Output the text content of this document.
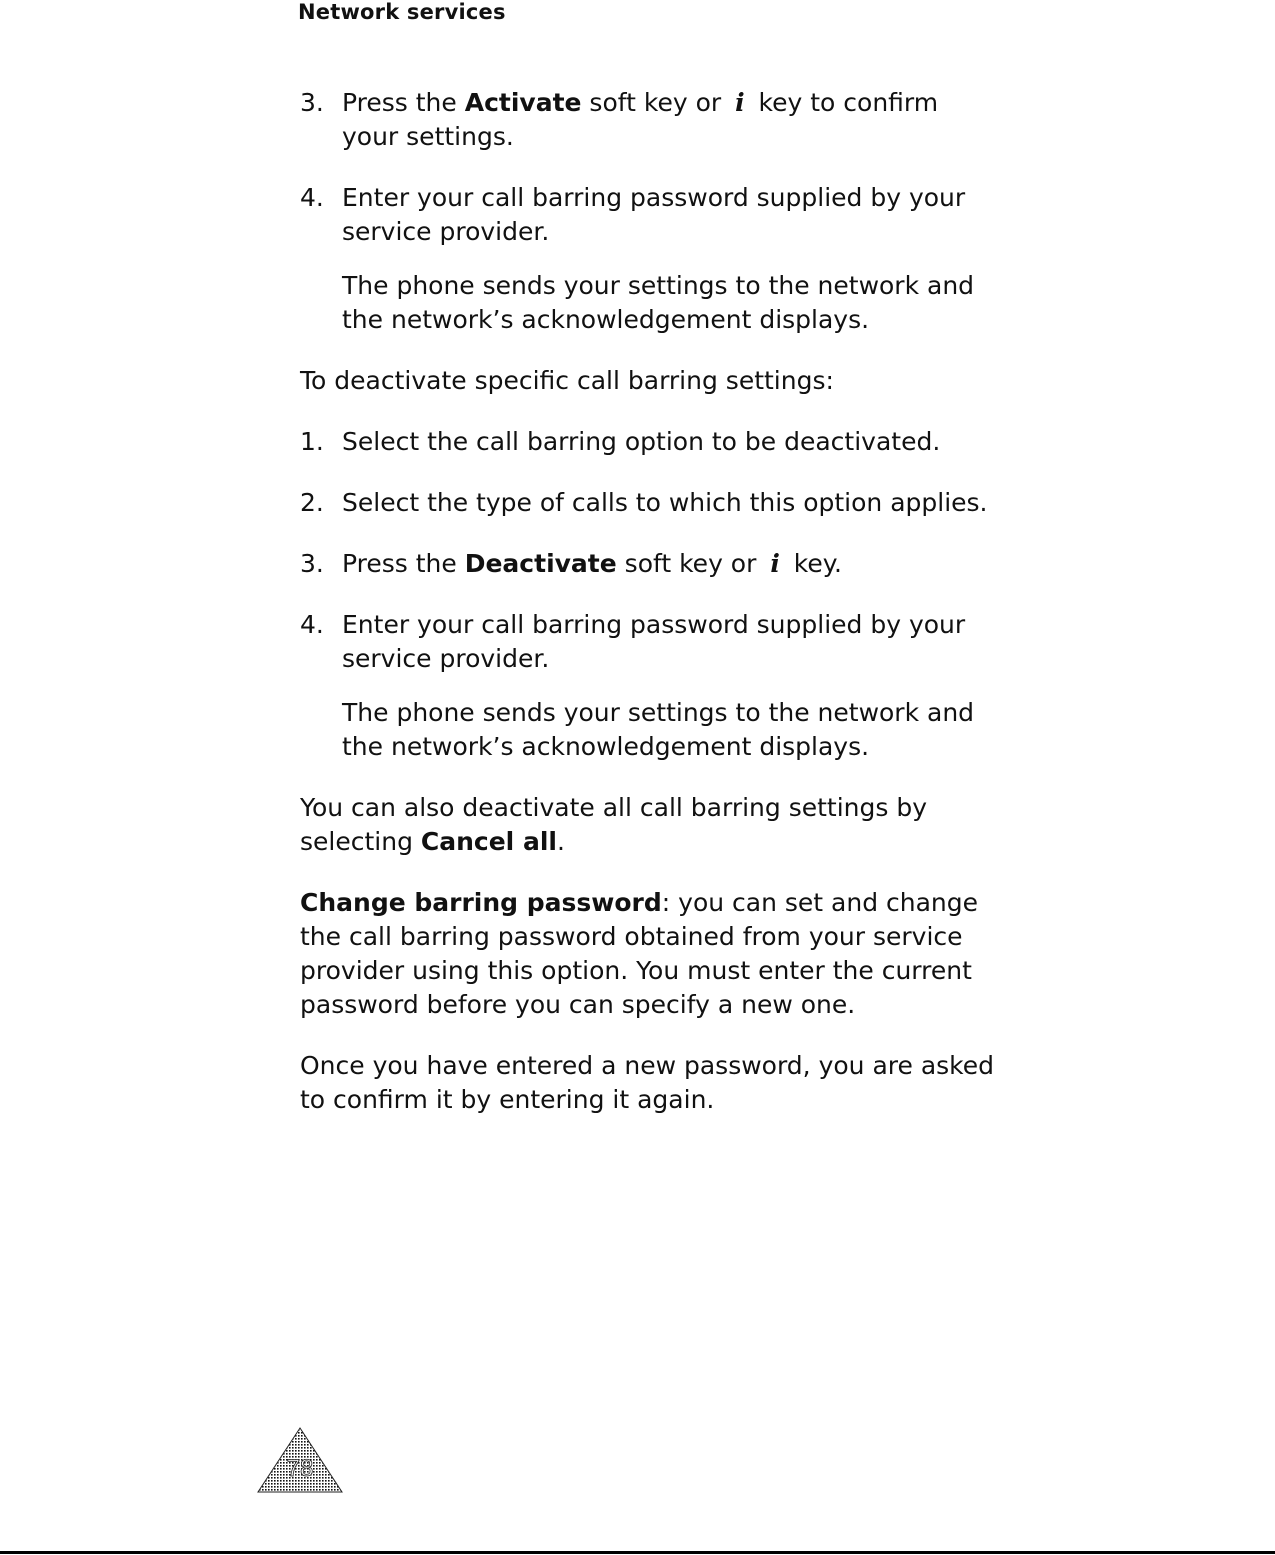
Network services
3. Press the Activate soft key or i key to confirm your settings.
4. Enter your call barring password supplied by your service provider.
The phone sends your settings to the network and the network’s acknowledgement displays.

To deactivate specific call barring settings:

1. Select the call barring option to be deactivated.
2. Select the type of calls to which this option applies.
3. Press the Deactivate soft key or i key.
4. Enter your call barring password supplied by your service provider.
The phone sends your settings to the network and the network’s acknowledgement displays.

You can also deactivate all call barring settings by selecting Cancel all.

Change barring password: you can set and change the call barring password obtained from your service provider using this option. You must enter the current password before you can specify a new one.

Once you have entered a new password, you are asked to confirm it by entering it again.

78
